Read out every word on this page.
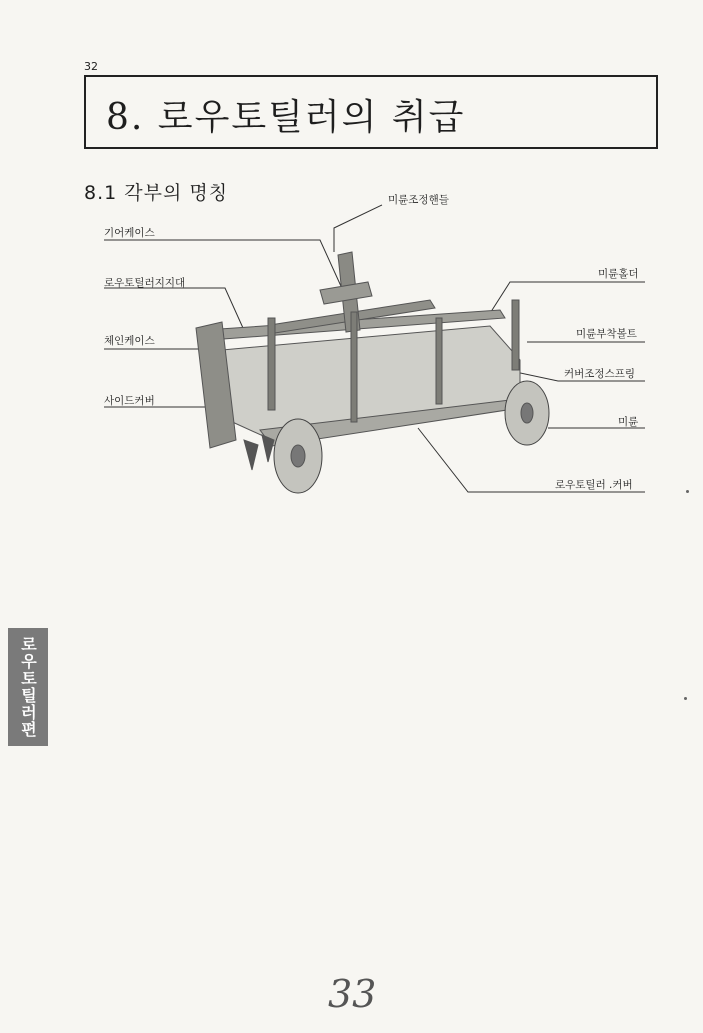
32
8. 로우토틸러의 취급
8.1 각부의 명칭	미륜조정핸들
기어케이스
로우토틸러지지대
체인케이스
사이드커버
미륜홀더
미륜부착볼트
커버조정스프링
미륜
로우토틸러 .커버
로우토틸러편
33
